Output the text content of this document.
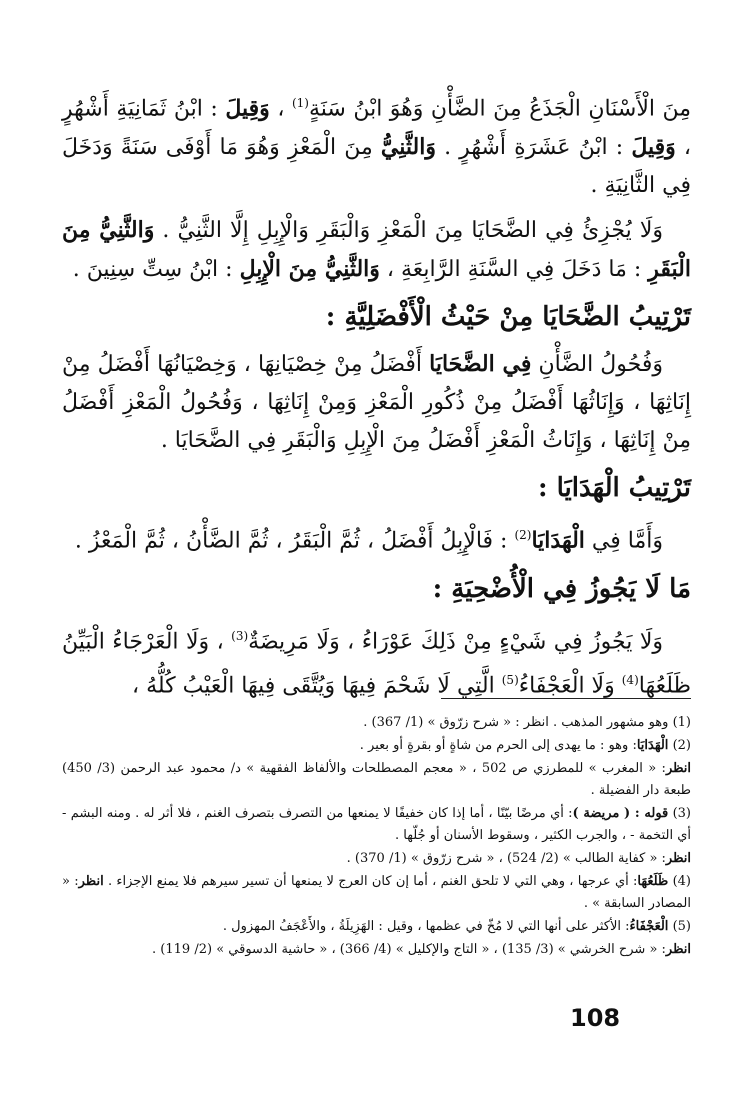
مِنَ الْأَسْنَانِ الْجَذَعُ مِنَ الضَّأْنِ وَهُوَ ابْنُ سَنَةٍ$^{(1)}$ ، وَقِيلَ : ابْنُ ثَمَانِيَةِ أَشْهُرٍ ، وَقِيلَ : ابْنُ عَشَرَةِ أَشْهُرٍ . وَالثَّنِيُّ مِنَ الْمَعْزِ وَهُوَ مَا أَوْفَى سَنَةً وَدَخَلَ فِي الثَّانِيَةِ .

وَلَا يُجْزِئُ فِي الضَّحَايَا مِنَ الْمَعْزِ وَالْبَقَرِ وَالْإِبِلِ إِلَّا الثَّنِيُّ . وَالثَّنِيُّ مِنَ الْبَقَرِ : مَا دَخَلَ فِي السَّنَةِ الرَّابِعَةِ ، وَالثَّنِيُّ مِنَ الْإِبِلِ : ابْنُ سِتِّ سِنِينَ .

تَرْتِيبُ الضَّحَايَا مِنْ حَيْثُ الْأَفْضَلِيَّةِ :

وَفُحُولُ الضَّأْنِ فِي الضَّحَايَا أَفْضَلُ مِنْ خِصْيَانِهَا ، وَخِصْيَانُهَا أَفْضَلُ مِنْ إِنَاثِهَا ، وَإِنَاثُهَا أَفْضَلُ مِنْ ذُكُورِ الْمَعْزِ وَمِنْ إِنَاثِهَا ، وَفُحُولُ الْمَعْزِ أَفْضَلُ مِنْ إِنَاثِهَا ، وَإِنَاثُ الْمَعْزِ أَفْضَلُ مِنَ الْإِبِلِ وَالْبَقَرِ فِي الضَّحَايَا .

تَرْتِيبُ الْهَدَايَا :

وَأَمَّا فِي الْهَدَايَا$^{(2)}$ : فَالْإِبِلُ أَفْضَلُ ، ثُمَّ الْبَقَرُ ، ثُمَّ الضَّأْنُ ، ثُمَّ الْمَعْزُ .

مَا لَا يَجُوزُ فِي الْأُضْحِيَةِ :

وَلَا يَجُوزُ فِي شَيْءٍ مِنْ ذَلِكَ عَوْرَاءُ ، وَلَا مَرِيضَةٌ$^{(3)}$ ، وَلَا الْعَرْجَاءُ الْبَيِّنُ ظَلَعُهَا$^{(4)}$ وَلَا الْعَجْفَاءُ$^{(5)}$ الَّتِي لَا شَحْمَ فِيهَا وَيُتَّقَى فِيهَا الْعَيْبُ كُلُّهُ ،

(1) وهو مشهور المذهب . انظر : « شرح زرّوق » (1/ 367) .
(2) الْهَدَايَا: وهو : ما يهدى إلى الحرم من شاةٍ أو بقرةٍ أو بعير .
انظر: « المغرب » للمطرزي ص 502 ، « معجم المصطلحات والألفاظ الفقهية » د/ محمود عبد الرحمن (3/ 450) طبعة دار الفضيلة .
(3) قوله : ( مريضة ): أي مرضًا بيّنًا ، أما إذا كان خفيفًا لا يمنعها من التصرف بتصرف الغنم ، فلا أثر له . ومنه البشم - أي التخمة - ، والجرب الكثير ، وسقوط الأسنان أو جُلّها .
انظر: « كفاية الطالب » (2/ 524) ، « شرح زرّوق » (1/ 370) .
(4) ظَلَعُهَا: أي عرجها ، وهي التي لا تلحق الغنم ، أما إن كان العرج لا يمنعها أن تسير سيرهم فلا يمنع الإجزاء . انظر: « المصادر السابقة » .
(5) الْعَجْفَاءُ: الأكثر على أنها التي لا مُخّ في عظمها ، وقيل : الهَزِيلَةُ ، والأَعْجَفُ المهزول .
انظر: « شرح الخرشي » (3/ 135) ، « التاج والإكليل » (4/ 366) ، « حاشية الدسوقي » (2/ 119) .
108
